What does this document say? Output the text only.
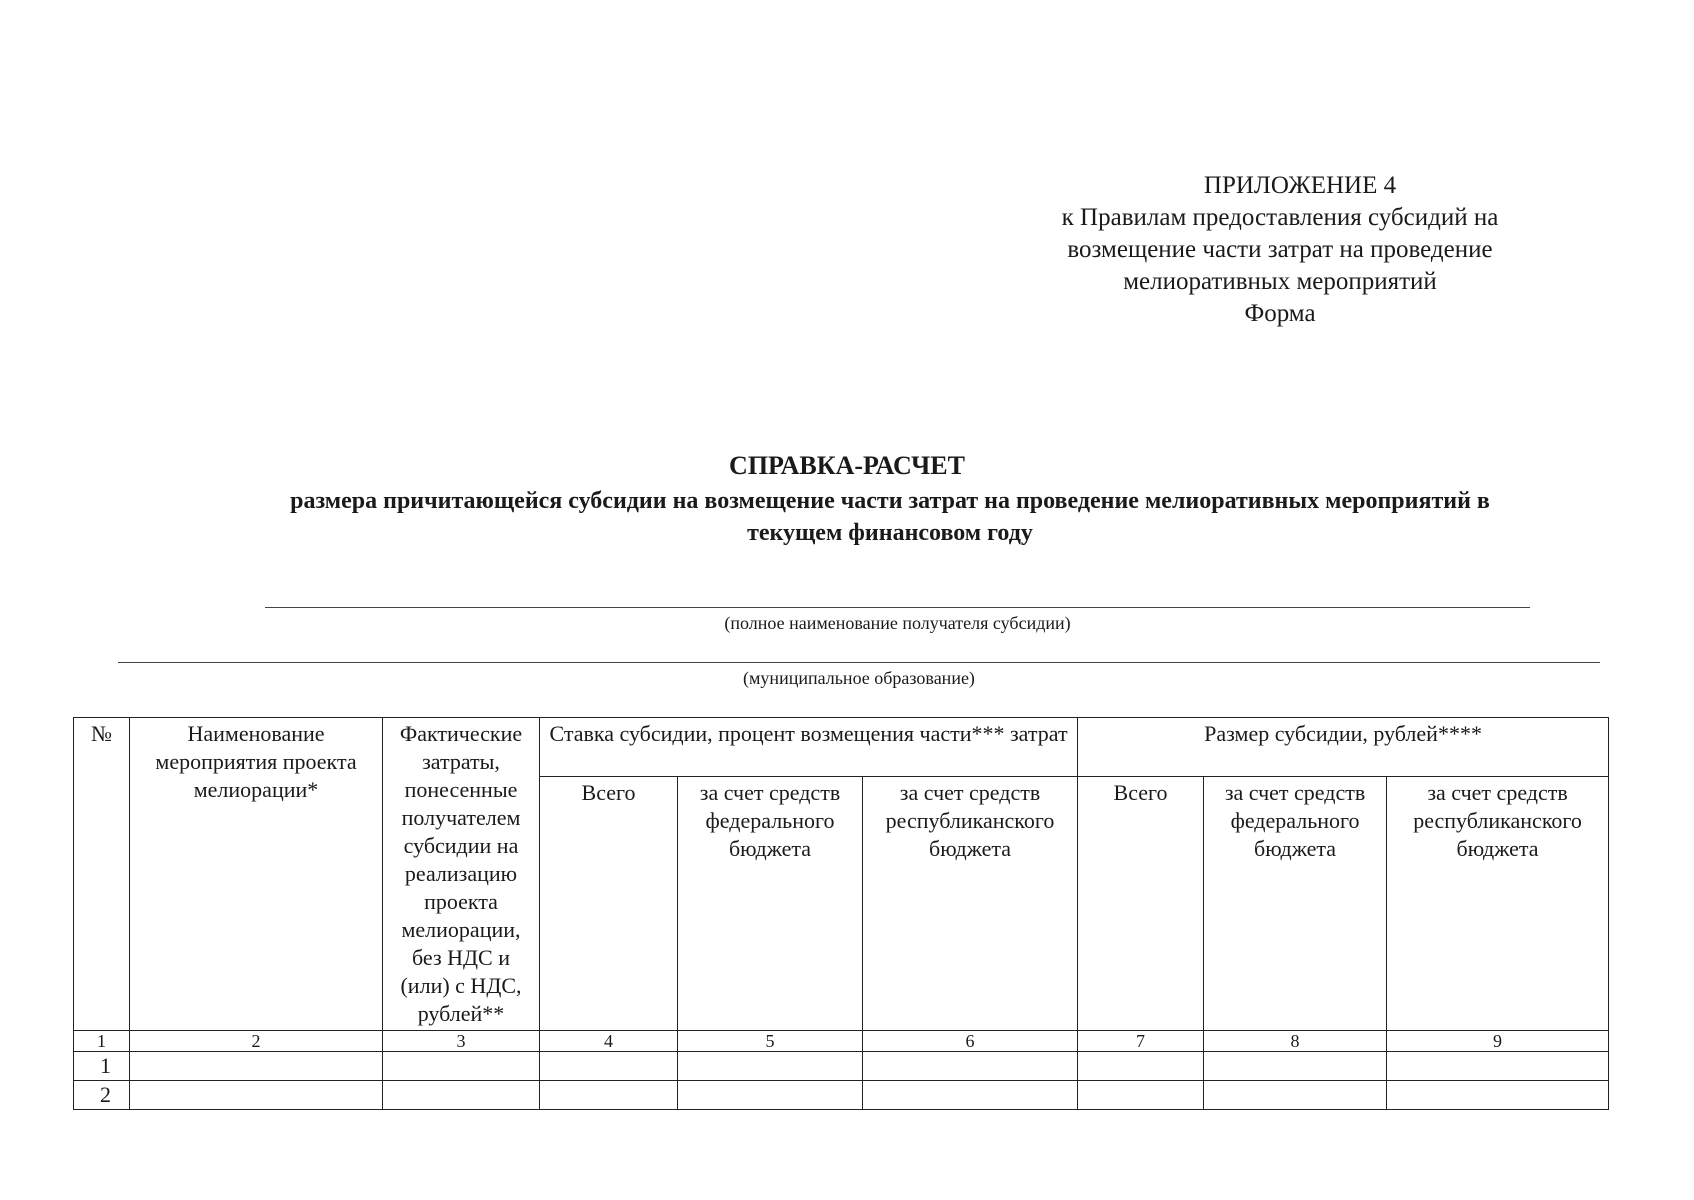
ПРИЛОЖЕНИЕ 4
к Правилам предоставления субсидий на
возмещение части затрат на проведение
мелиоративных мероприятий
Форма
СПРАВКА-РАСЧЕТ
размера причитающейся субсидии на возмещение части затрат на проведение мелиоративных мероприятий в текущем финансовом году
(полное наименование получателя субсидии)
(муниципальное образование)
№	Наименование мероприятия проекта мелиорации*	Фактические затраты, понесенные получателем субсидии на реализацию проекта мелиорации, без НДС и (или) с НДС, рублей**	Ставка субсидии, процент возмещения части*** затрат			Размер субсидии, рублей****		
			Всего	за счет средств федерального бюджета	за счет средств республиканского бюджета	Всего	за счет средств федерального бюджета	за счет средств республиканского бюджета
1	2	3	4	5	6	7	8	9
1								
2								
